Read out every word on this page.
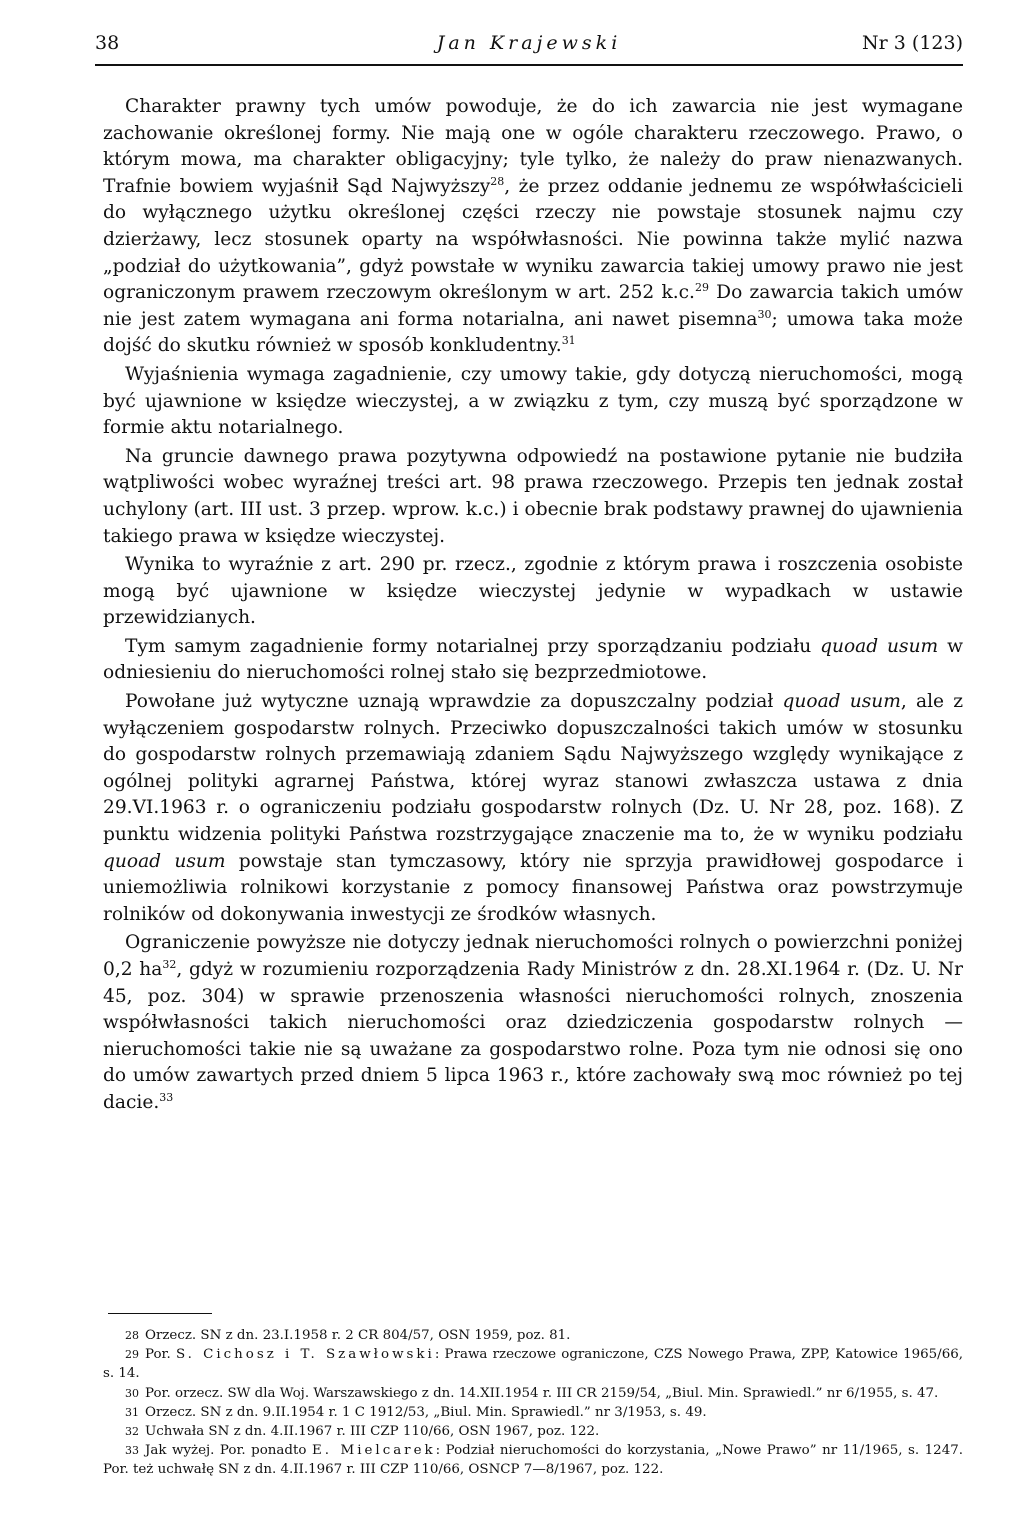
38	Jan Krajewski	Nr 3 (123)

Charakter prawny tych umów powoduje, że do ich zawarcia nie jest wymagane zachowanie określonej formy. Nie mają one w ogóle charakteru rzeczowego. Prawo, o którym mowa, ma charakter obligacyjny; tyle tylko, że należy do praw nienazwanych. Trafnie bowiem wyjaśnił Sąd Najwyższy$^{28}$, że przez oddanie jednemu ze współwłaścicieli do wyłącznego użytku określonej części rzeczy nie powstaje stosunek najmu czy dzierżawy, lecz stosunek oparty na współwłasności. Nie powinna także mylić nazwa „podział do użytkowania”, gdyż powstałe w wyniku zawarcia takiej umowy prawo nie jest ograniczonym prawem rzeczowym określonym w art. 252 k.c.$^{29}$ Do zawarcia takich umów nie jest zatem wymagana ani forma notarialna, ani nawet pisemna$^{30}$; umowa taka może dojść do skutku również w sposób konkludentny.$^{31}$

Wyjaśnienia wymaga zagadnienie, czy umowy takie, gdy dotyczą nieruchomości, mogą być ujawnione w księdze wieczystej, a w związku z tym, czy muszą być sporządzone w formie aktu notarialnego.

Na gruncie dawnego prawa pozytywna odpowiedź na postawione pytanie nie budziła wątpliwości wobec wyraźnej treści art. 98 prawa rzeczowego. Przepis ten jednak został uchylony (art. III ust. 3 przep. wprow. k.c.) i obecnie brak podstawy prawnej do ujawnienia takiego prawa w księdze wieczystej.

Wynika to wyraźnie z art. 290 pr. rzecz., zgodnie z którym prawa i roszczenia osobiste mogą być ujawnione w księdze wieczystej jedynie w wypadkach w ustawie przewidzianych.

Tym samym zagadnienie formy notarialnej przy sporządzaniu podziału quoad usum w odniesieniu do nieruchomości rolnej stało się bezprzedmiotowe.

Powołane już wytyczne uznają wprawdzie za dopuszczalny podział quoad usum, ale z wyłączeniem gospodarstw rolnych. Przeciwko dopuszczalności takich umów w stosunku do gospodarstw rolnych przemawiają zdaniem Sądu Najwyższego względy wynikające z ogólnej polityki agrarnej Państwa, której wyraz stanowi zwłaszcza ustawa z dnia 29.VI.1963 r. o ograniczeniu podziału gospodarstw rolnych (Dz. U. Nr 28, poz. 168). Z punktu widzenia polityki Państwa rozstrzygające znaczenie ma to, że w wyniku podziału quoad usum powstaje stan tymczasowy, który nie sprzyja prawidłowej gospodarce i uniemożliwia rolnikowi korzystanie z pomocy finansowej Państwa oraz powstrzymuje rolników od dokonywania inwestycji ze środków własnych.

Ograniczenie powyższe nie dotyczy jednak nieruchomości rolnych o powierzchni poniżej 0,2 $ha^{32}$, gdyż w rozumieniu rozporządzenia Rady Ministrów z dn. 28.XI.1964 r. (Dz. U. Nr 45, poz. 304) w sprawie przenoszenia własności nieruchomości rolnych, znoszenia współwłasności takich nieruchomości oraz dziedziczenia gospodarstw rolnych — nieruchomości takie nie są uważane za gospodarstwo rolne. Poza tym nie odnosi się ono do umów zawartych przed dniem 5 lipca 1963 r., które zachowały swą moc również po tej dacie.$^{33}$

28 Orzecz. SN z dn. 23.I.1958 r. 2 CR 804/57, OSN 1959, poz. 81.

29 Por. S. Cichosz i T. Szawłowski: Prawa rzeczowe ograniczone, CZS Nowego Prawa, ZPP, Katowice 1965/66, s. 14.

30 Por. orzecz. SW dla Woj. Warszawskiego z dn. 14.XII.1954 r. III CR 2159/54, „Biul. Min. Sprawiedl.” nr 6/1955, s. 47.

31 Orzecz. SN z dn. 9.II.1954 r. 1 C 1912/53, „Biul. Min. Sprawiedl.” nr 3/1953, s. 49.

32 Uchwała SN z dn. 4.II.1967 r. III CZP 110/66, OSN 1967, poz. 122.

33 Jak wyżej. Por. ponadto E. Mielcarek: Podział nieruchomości do korzystania, „Nowe Prawo” nr 11/1965, s. 1247. Por. też uchwałę SN z dn. 4.II.1967 r. III CZP 110/66, OSNCP 7—8/1967, poz. 122.
